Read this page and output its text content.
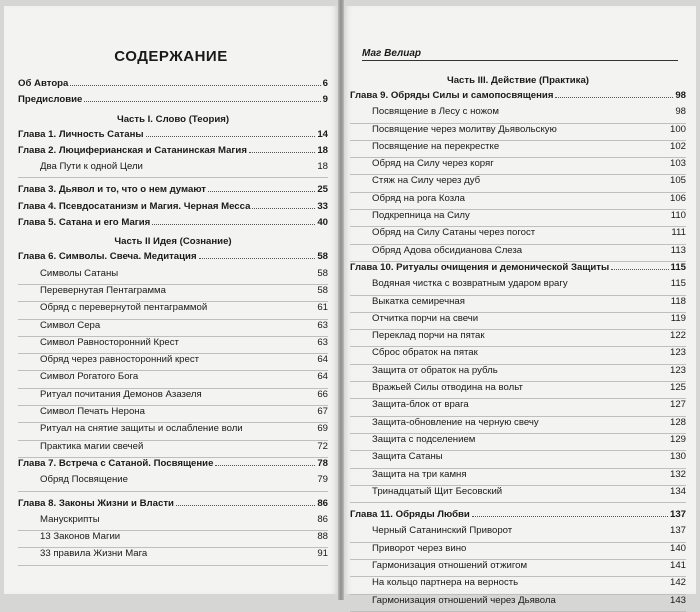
СОДЕРЖАНИЕ
Об Автора	6
Предисловие	9
Часть I. Слово (Теория)
Глава 1. Личность Сатаны	14
Глава 2. Люциферианская и Сатанинская Магия	18
Два Пути к одной Цели	18
Глава 3. Дьявол и то, что о нем думают	25
Глава 4. Псевдосатанизм и Магия. Черная Месса	33
Глава 5. Сатана и его Магия	40
Часть II Идея (Сознание)
Глава 6. Символы. Свеча. Медитация	58
Символы Сатаны	58
Перевернутая Пентаграмма	58
Обряд с перевернутой пентаграммой	61
Символ Сера	63
Символ Равносторонний Крест	63
Обряд через равносторонний крест	64
Символ Рогатого Бога	64
Ритуал почитания Демонов Азазеля	66
Символ Печать Нерона	67
Ритуал на снятие защиты и ослабление воли	69
Практика магии свечей	72
Глава 7. Встреча с Сатаной. Посвящение	78
Обряд Посвящение	79
Глава 8. Законы Жизни и Власти	86
Манускрипты	86
13 Законов Магии	88
33 правила Жизни Мага	91
Маг Велиар
Часть III. Действие (Практика)
Глава 9. Обряды Силы и самопосвящения	98
Посвящение в Лесу с ножом	98
Посвящение через молитву Дьявольскую	100
Посвящение на перекрестке	102
Обряд на Силу через коряг	103
Стяж на Силу через дуб	105
Обряд на рога Козла	106
Подкрепница на Силу	110
Обряд на Силу Сатаны через погост	111
Обряд Адова обсидианова Слеза	113
Глава 10. Ритуалы очищения и демонической Защиты	115
Водяная чистка с возвратным ударом врагу	115
Выкатка семиречная	118
Отчитка порчи на свечи	119
Переклад порчи на пятак	122
Сброс обраток на пятак	123
Защита от обраток на рубль	123
Вражьей Силы отводина на вольт	125
Защита-блок от врага	127
Защита-обновление на черную свечу	128
Защита с подселением	129
Защита Сатаны	130
Защита на три камня	132
Тринадцатый Щит Бесовский	134
Глава 11. Обряды Любви	137
Черный Сатанинский Приворот	137
Приворот через вино	140
Гармонизация отношений отжигом	141
На кольцо партнера на верность	142
Гармонизация отношений через Дьявола	143
